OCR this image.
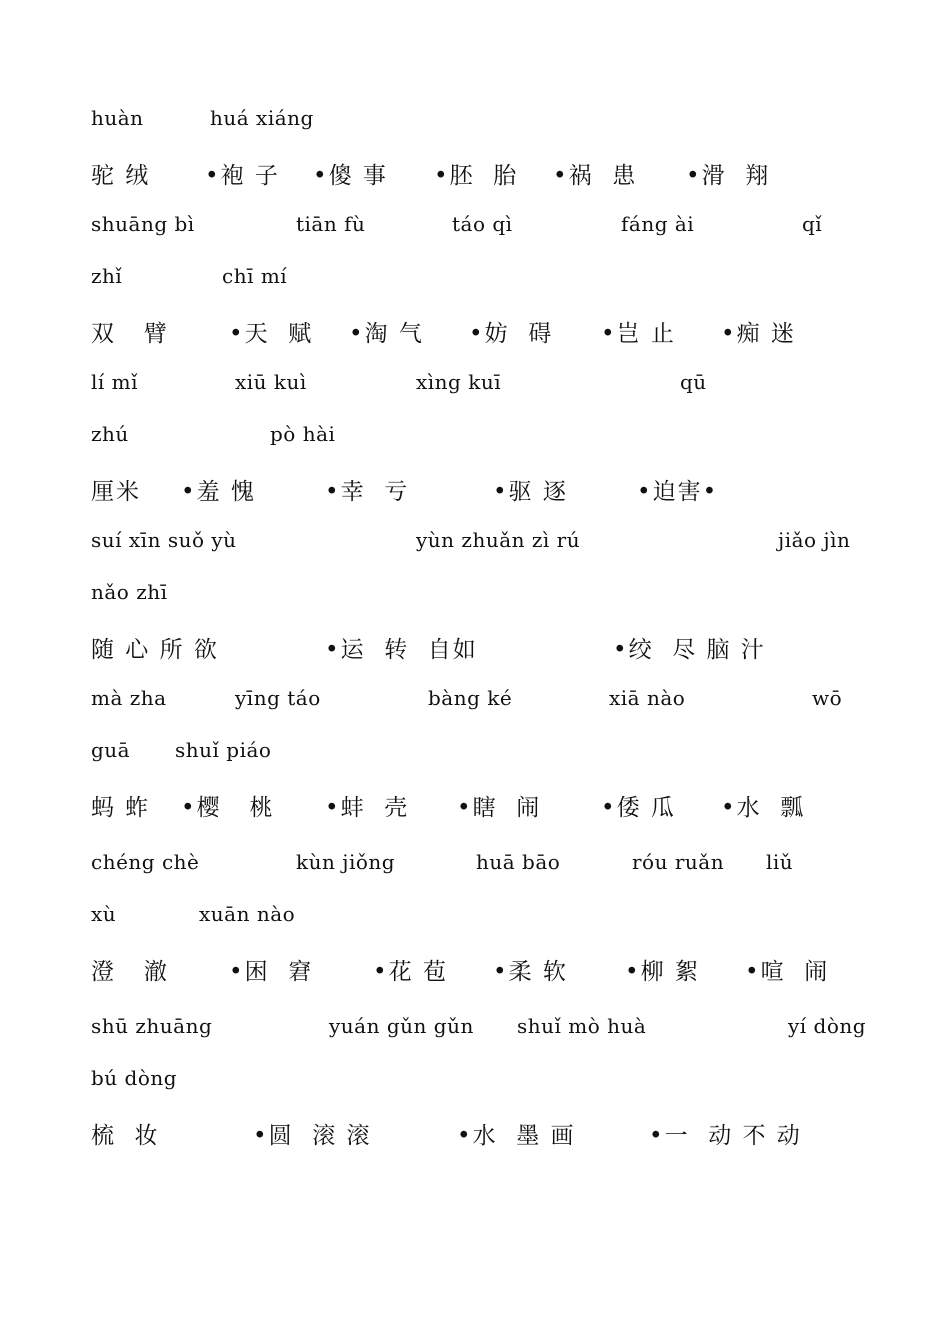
huàn	huá xiáng
驼 绒 •袍 子 •傻 事 •胚  胎 •祸  患 •滑  翔
shuāng bì	tiān fù	táo qì	fáng ài	qǐ
zhǐ	chī mí
双   臂	•天  赋 •淘 气 •妨  碍 •岂 止 •痴 迷
lí mǐ	xiū kuì	xìng kuī	qū
zhú	pò hài
厘米 •羞 愧	•幸  亏	•驱 逐	•迫害•
suí xīn suǒ yù	yùn zhuǎn zì rú	jiǎo jìn
nǎo zhī
随 心 所 欲	•运  转  自如	•绞  尽 脑 汁
mà zha	yīng táo	bàng ké	xiā nào	wō
guā shuǐ piáo
蚂 蚱 •樱   桃 •蚌  壳 •瞎  闹	•倭 瓜 •水  瓢
chéng chè	kùn jiǒng	huā bāo	róu ruǎn liǔ
xù	xuān nào
澄   澈	•困  窘	•花 苞 •柔 软 •柳 絮 •喧  闹
shū zhuāng	yuán gǔn gǔn shuǐ mò huà	yí dòng
bú dòng
梳  妆	•圆  滚 滚	•水  墨 画	•一  动 不 动
